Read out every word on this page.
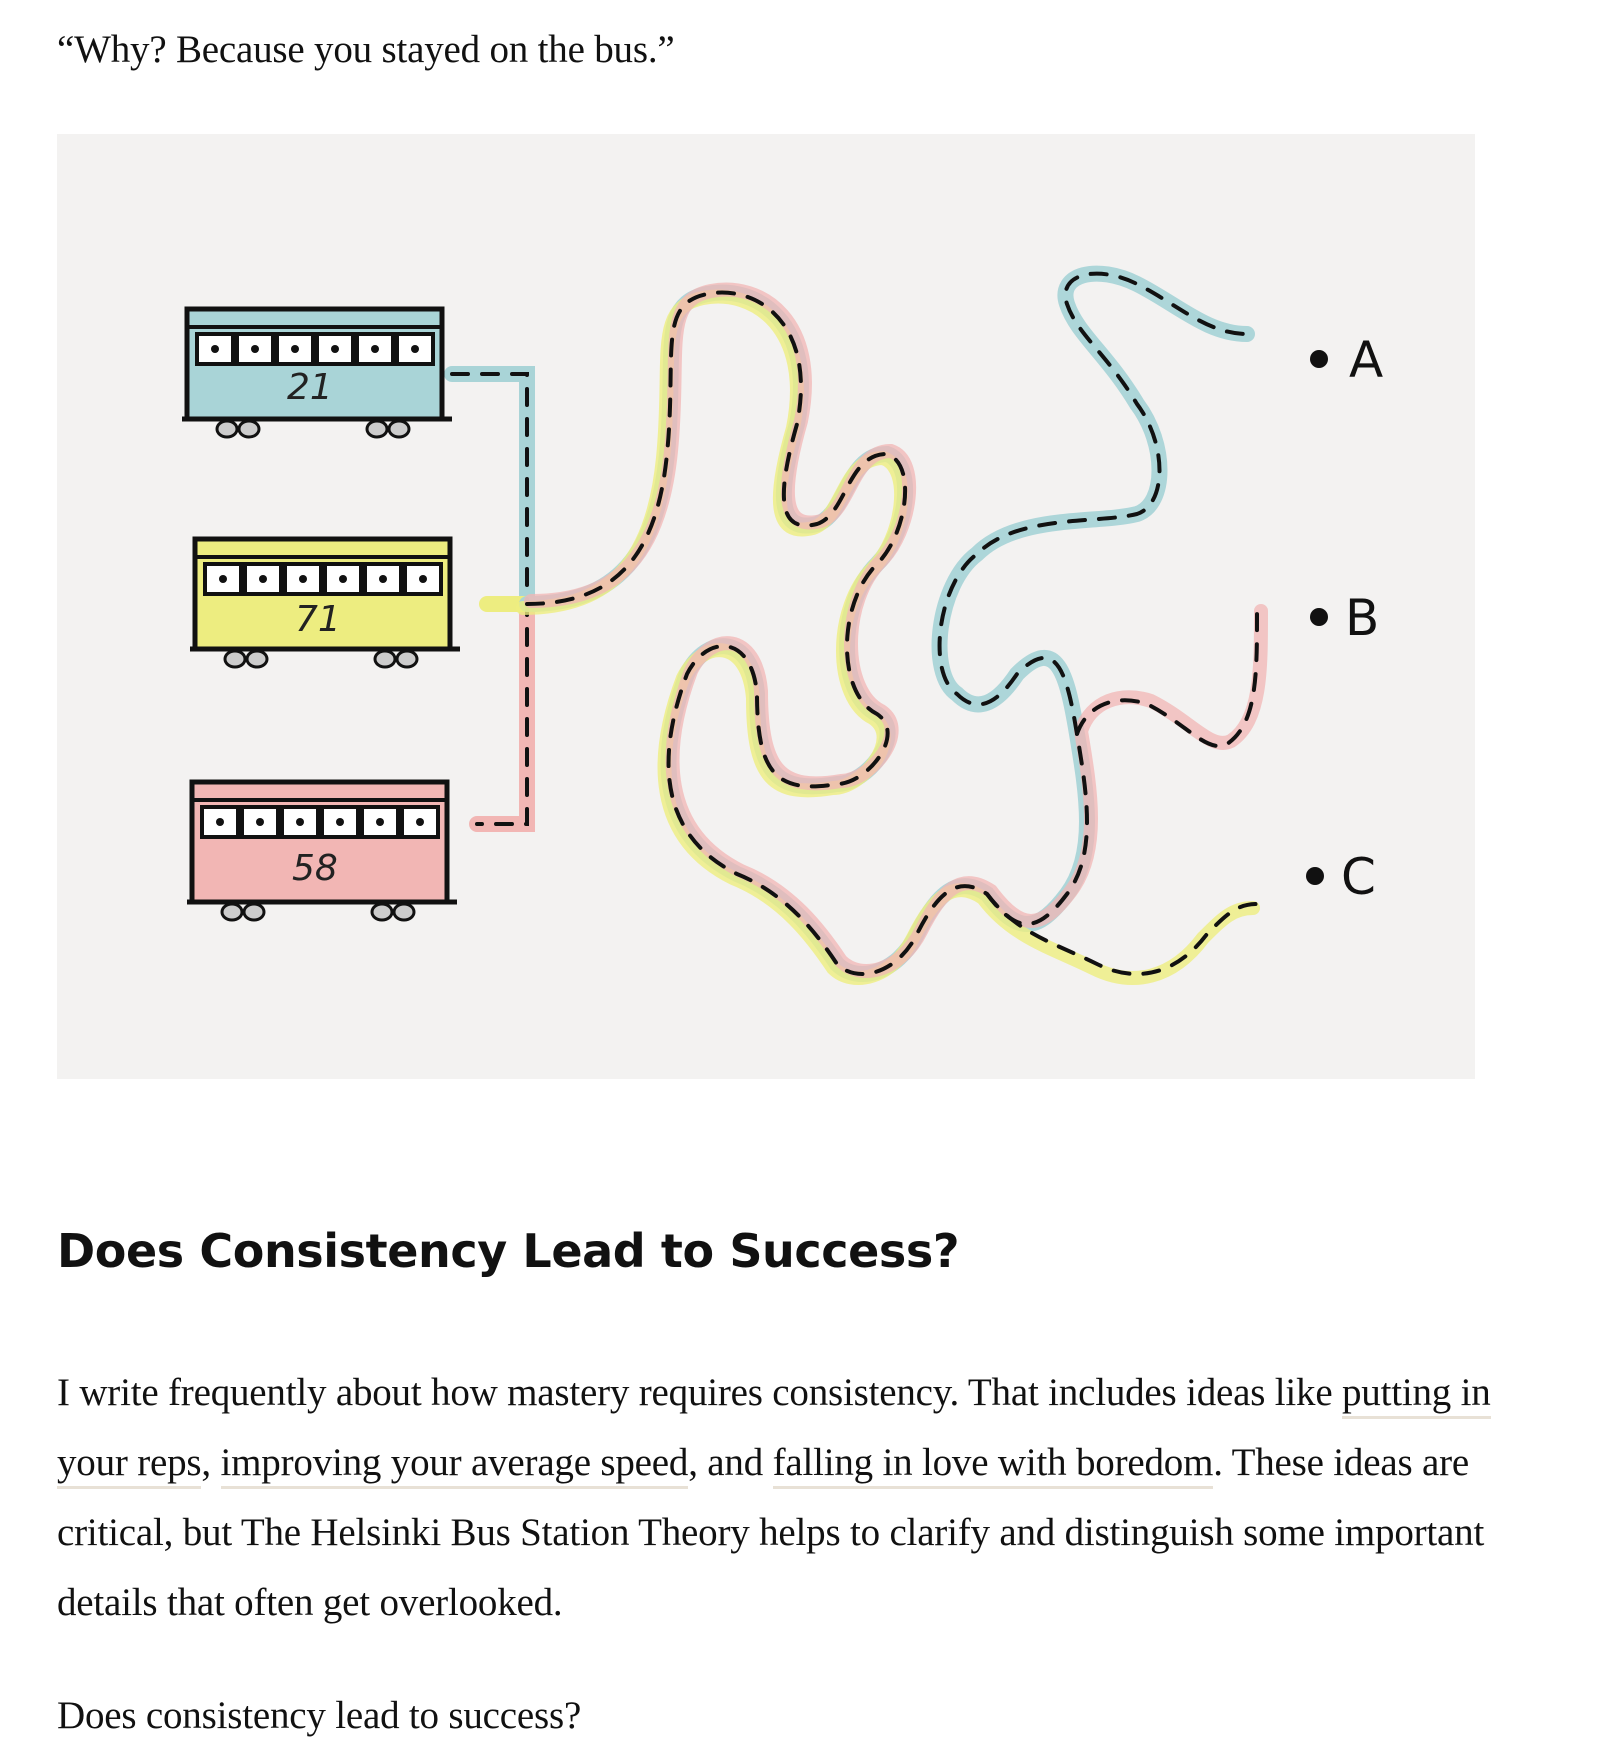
“Why? Because you stayed on the bus.”

A
B
C
21
71
58
Does Consistency Lead to Success?

I write frequently about how mastery requires consistency. That includes ideas like putting in your reps, improving your average speed, and falling in love with boredom. These ideas are critical, but The Helsinki Bus Station Theory helps to clarify and distinguish some important details that often get overlooked.

Does consistency lead to success?
